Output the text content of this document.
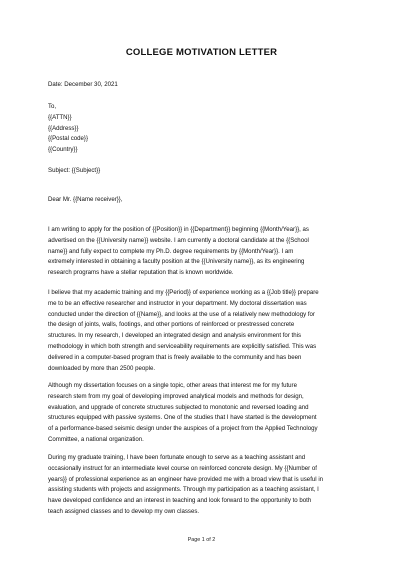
COLLEGE MOTIVATION LETTER
Date: December 30, 2021
To,
{{ATTN}}
{{Address}}
{{Postal code}}
{{Country}}
Subject: {{Subject}}
Dear Mr. {{Name receiver}},
I am writing to apply for the position of {{Position}} in {{Department}} beginning {{Month/Year}}, as
advertised on the {{University name}} website. I am currently a doctoral candidate at the {{School
name}} and fully expect to complete my Ph.D. degree requirements by {{Month/Year}}. I am
extremely interested in obtaining a faculty position at the {{University name}}, as its engineering
research programs have a stellar reputation that is known worldwide.
I believe that my academic training and my {{Period}} of experience working as a {{Job title}} prepare
me to be an effective researcher and instructor in your department. My doctoral dissertation was
conducted under the direction of {{Name}}, and looks at the use of a relatively new methodology for
the design of joints, walls, footings, and other portions of reinforced or prestressed concrete
structures. In my research, I developed an integrated design and analysis environment for this
methodology in which both strength and serviceability requirements are explicitly satisfied. This was
delivered in a computer-based program that is freely available to the community and has been
downloaded by more than 2500 people.
Although my dissertation focuses on a single topic, other areas that interest me for my future
research stem from my goal of developing improved analytical models and methods for design,
evaluation, and upgrade of concrete structures subjected to monotonic and reversed loading and
structures equipped with passive systems. One of the studies that I have started is the development
of a performance-based seismic design under the auspices of a project from the Applied Technology
Committee, a national organization.
During my graduate training, I have been fortunate enough to serve as a teaching assistant and
occasionally instruct for an intermediate level course on reinforced concrete design. My {{Number of
years}} of professional experience as an engineer have provided me with a broad view that is useful in
assisting students with projects and assignments. Through my participation as a teaching assistant, I
have developed confidence and an interest in teaching and look forward to the opportunity to both
teach assigned classes and to develop my own classes.
Page 1 of 2
